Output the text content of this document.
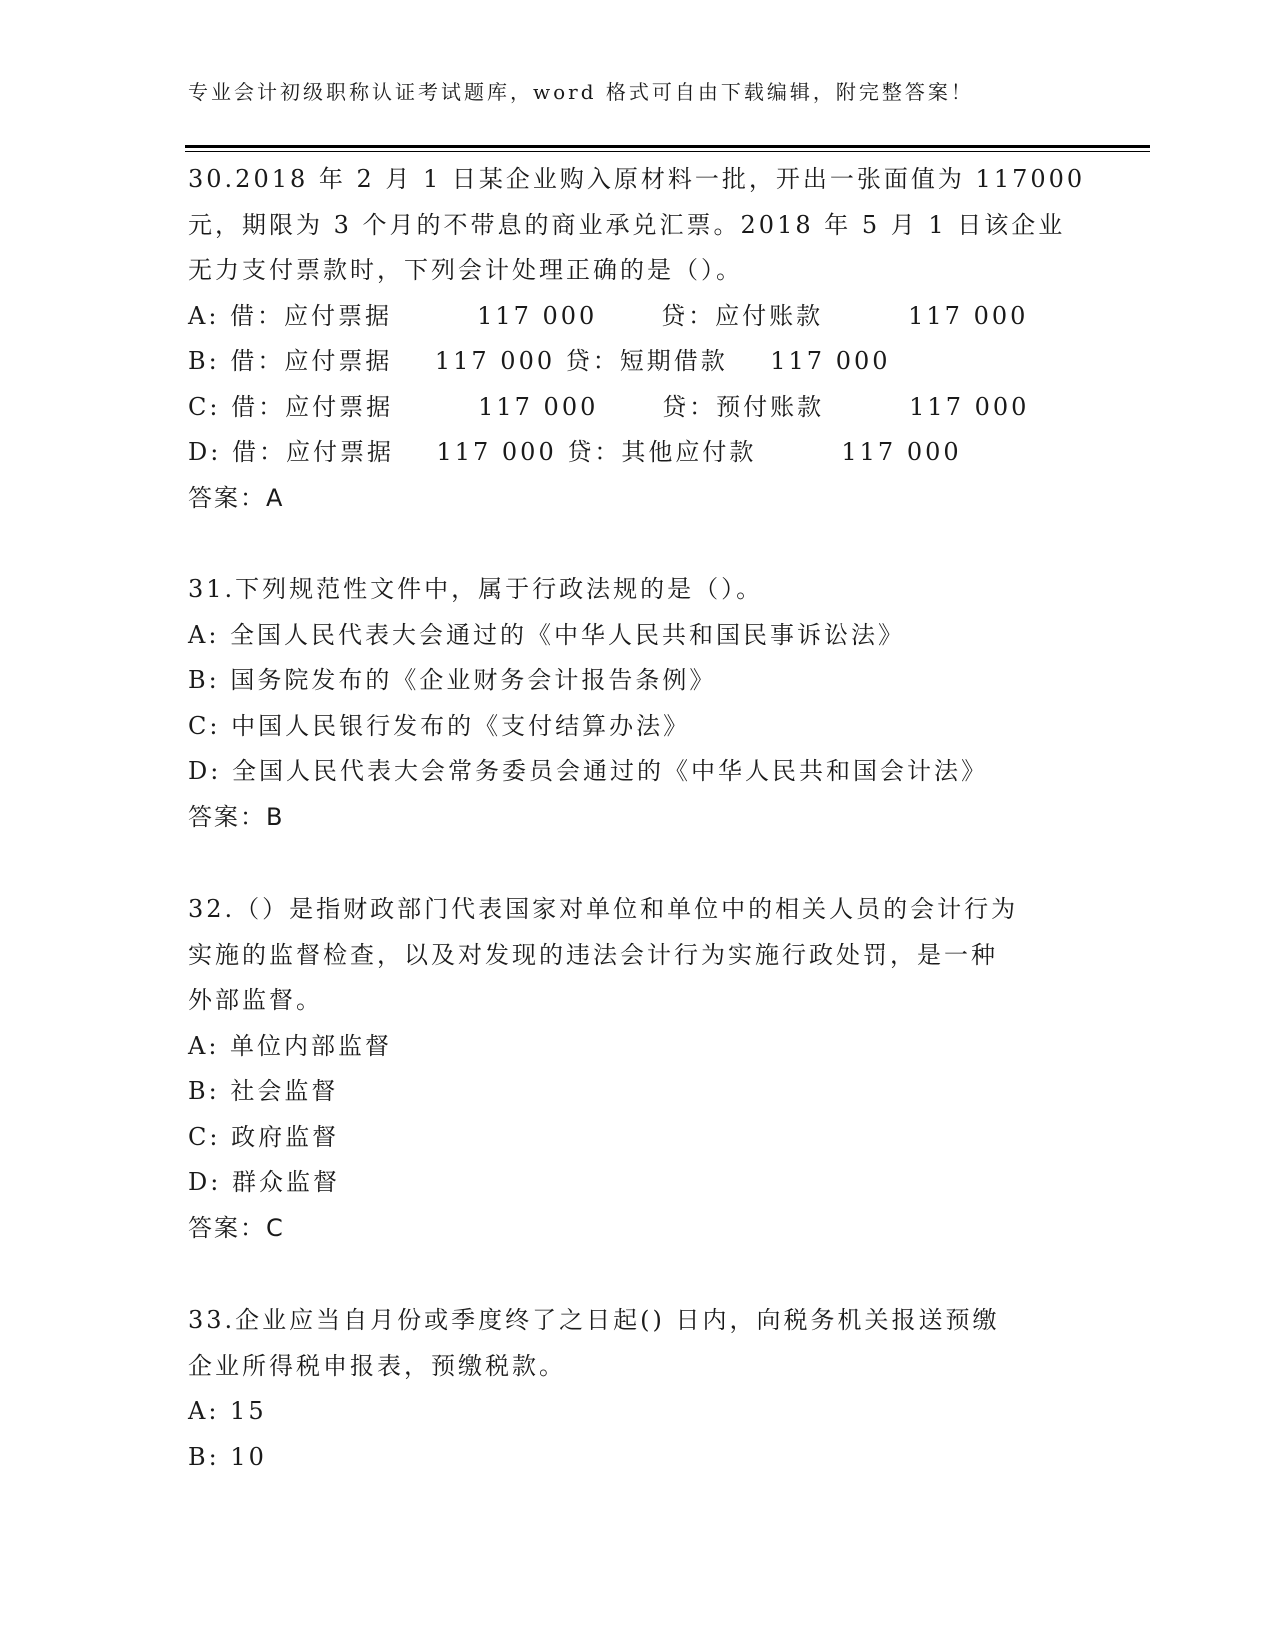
专业会计初级职称认证考试题库，word 格式可自由下载编辑，附完整答案！
30.2018 年 2 月 1 日某企业购入原材料一批，开出一张面值为 117000
元，期限为 3 个月的不带息的商业承兑汇票。2018 年 5 月 1 日该企业
无力支付票款时，下列会计处理正确的是（）。
A: 借：应付票据        117 000      贷：应付账款        117 000
B: 借：应付票据    117 000 贷：短期借款    117 000
C: 借：应付票据        117 000      贷：预付账款        117 000
D: 借：应付票据    117 000 贷：其他应付款        117 000
答案：A
31.下列规范性文件中，属于行政法规的是（）。
A: 全国人民代表大会通过的《中华人民共和国民事诉讼法》
B: 国务院发布的《企业财务会计报告条例》
C: 中国人民银行发布的《支付结算办法》
D: 全国人民代表大会常务委员会通过的《中华人民共和国会计法》
答案：B
32.（）是指财政部门代表国家对单位和单位中的相关人员的会计行为
实施的监督检查，以及对发现的违法会计行为实施行政处罚，是一种
外部监督。
A: 单位内部监督
B: 社会监督
C: 政府监督
D: 群众监督
答案：C
33.企业应当自月份或季度终了之日起() 日内，向税务机关报送预缴
企业所得税申报表，预缴税款。
A: 15
B: 10
